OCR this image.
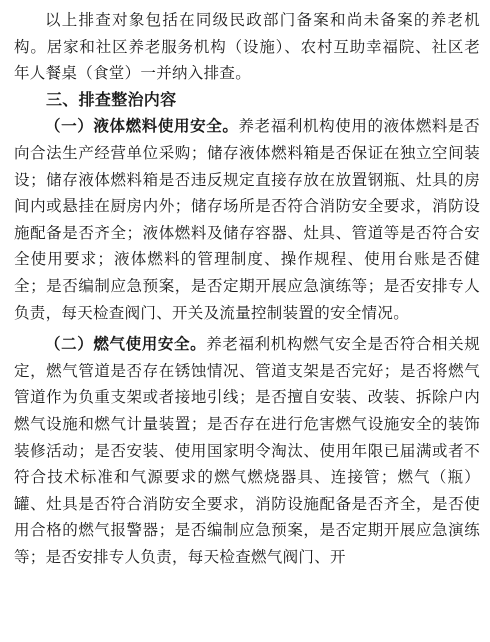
以上排查对象包括在同级民政部门备案和尚未备案的养老机构。居家和社区养老服务机构（设施）、农村互助幸福院、社区老年人餐桌（食堂）一并纳入排查。

三、排查整治内容

（一）液体燃料使用安全。养老福利机构使用的液体燃料是否向合法生产经营单位采购；储存液体燃料箱是否保证在独立空间装设；储存液体燃料箱是否违反规定直接存放在放置钢瓶、灶具的房间内或悬挂在厨房内外；储存场所是否符合消防安全要求，消防设施配备是否齐全；液体燃料及储存容器、灶具、管道等是否符合安全使用要求；液体燃料的管理制度、操作规程、使用台账是否健全；是否编制应急预案，是否定期开展应急演练等；是否安排专人负责，每天检查阀门、开关及流量控制装置的安全情况。

（二）燃气使用安全。养老福利机构燃气安全是否符合相关规定，燃气管道是否存在锈蚀情况、管道支架是否完好；是否将燃气管道作为负重支架或者接地引线；是否擅自安装、改装、拆除户内燃气设施和燃气计量装置；是否存在进行危害燃气设施安全的装饰装修活动；是否安装、使用国家明令淘汰、使用年限已届满或者不符合技术标准和气源要求的燃气燃烧器具、连接管；燃气（瓶）罐、灶具是否符合消防安全要求，消防设施配备是否齐全，是否使用合格的燃气报警器；是否编制应急预案，是否定期开展应急演练等；是否安排专人负责，每天检查燃气阀门、开
